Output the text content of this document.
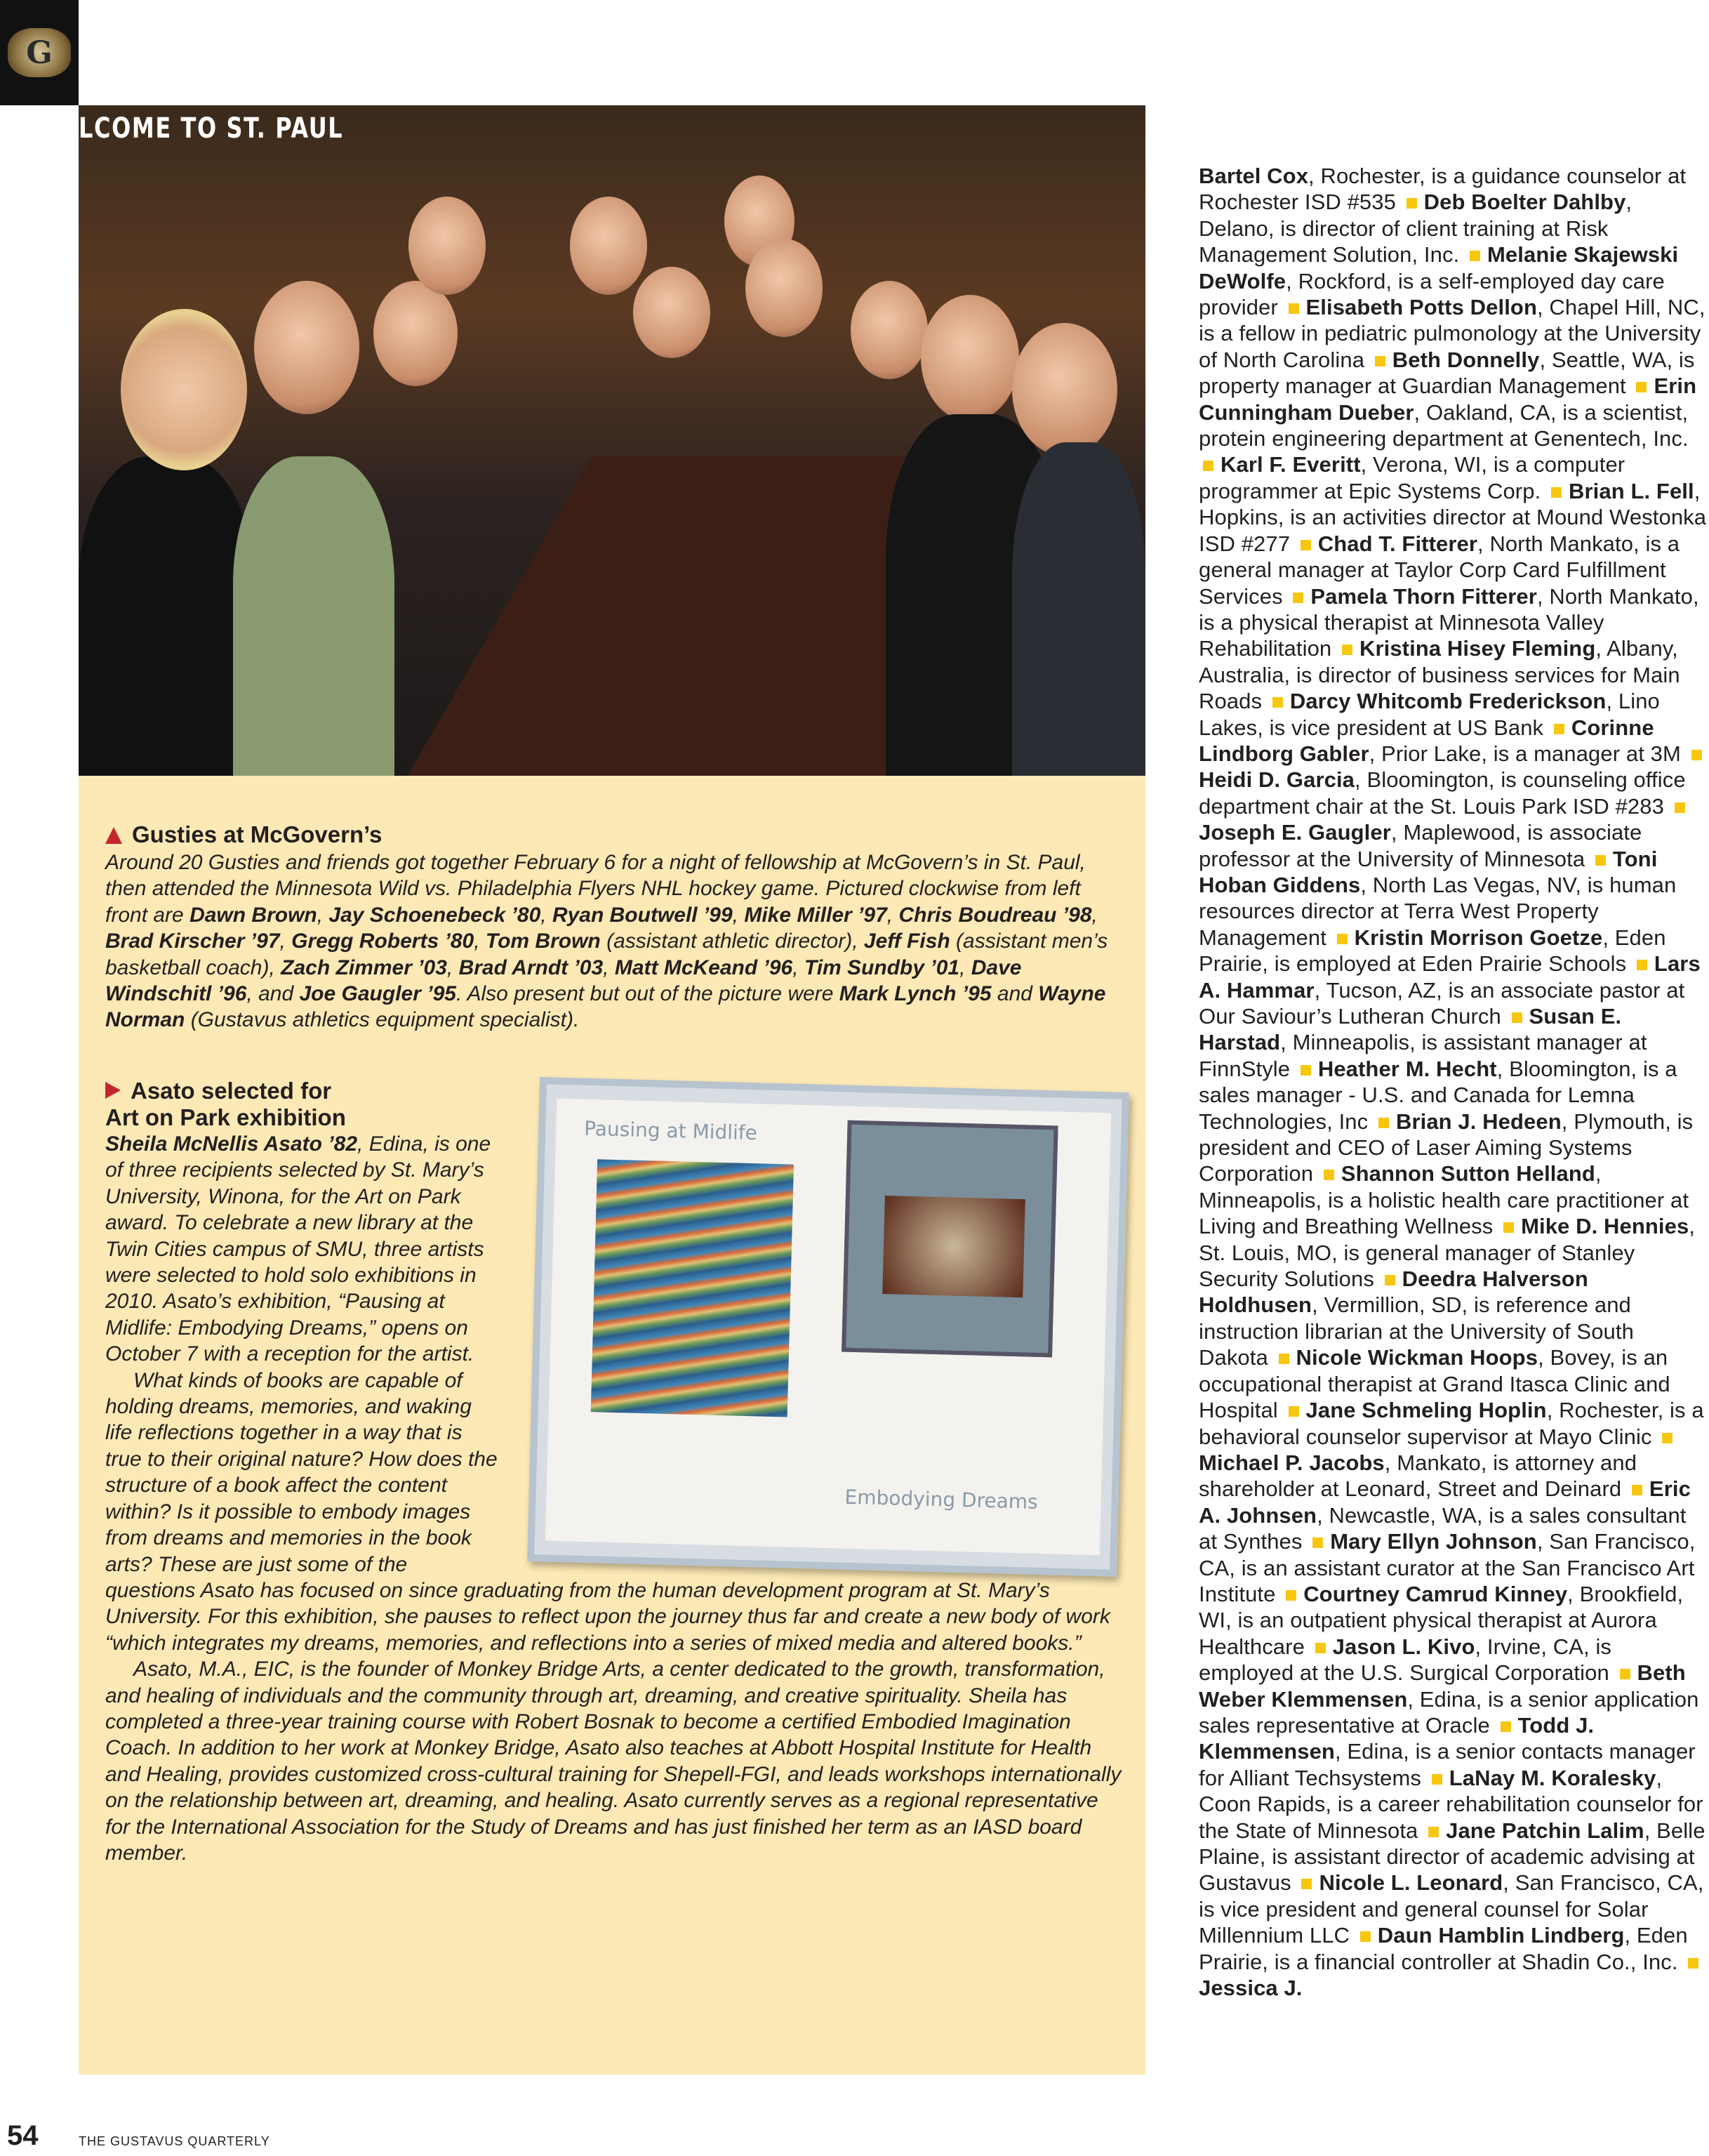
G
LCOME TO ST. PAUL
Gusties at McGovern’s

Around 20 Gusties and friends got together February 6 for a night of fellowship at McGovern’s in St. Paul, then attended the Minnesota Wild vs. Philadelphia Flyers NHL hockey game. Pictured clockwise from left front are Dawn Brown, Jay Schoenebeck ’80, Ryan Boutwell ’99, Mike Miller ’97, Chris Boudreau ’98, Brad Kirscher ’97, Gregg Roberts ’80, Tom Brown (assistant athletic director), Jeff Fish (assistant men’s basketball coach), Zach Zimmer ’03, Brad Arndt ’03, Matt McKeand ’96, Tim Sundby ’01, Dave Windschitl ’96, and Joe Gaugler ’95. Also present but out of the picture were Mark Lynch ’95 and Wayne Norman (Gustavus athletics equipment specialist).

Pausing at Midlife
Embodying Dreams
Asato selected for
Art on Park exhibition

Sheila McNellis Asato ’82, Edina, is one of three recipients selected by St. Mary’s University, Winona, for the Art on Park award. To celebrate a new library at the Twin Cities campus of SMU, three artists were selected to hold solo exhibitions in 2010. Asato’s exhibition, “Pausing at Midlife: Embodying Dreams,” opens on October 7 with a reception for the artist.

What kinds of books are capable of holding dreams, memories, and waking life reflections together in a way that is true to their original nature? How does the structure of a book affect the content within? Is it possible to embody images from dreams and memories in the book arts? These are just some of the questions Asato has focused on since graduating from the human development program at St. Mary’s University. For this exhibition, she pauses to reflect upon the journey thus far and create a new body of work “which integrates my dreams, memories, and reflections into a series of mixed media and altered books.”

Asato, M.A., EIC, is the founder of Monkey Bridge Arts, a center dedicated to the growth, transformation, and healing of individuals and the community through art, dreaming, and creative spirituality. Sheila has completed a three-year training course with Robert Bosnak to become a certified Embodied Imagination Coach. In addition to her work at Monkey Bridge, Asato also teaches at Abbott Hospital Institute for Health and Healing, provides customized cross-cultural training for Shepell-FGI, and leads workshops internationally on the relationship between art, dreaming, and healing. Asato currently serves as a regional representative for the International Association for the Study of Dreams and has just finished her term as an IASD board member.

Bartel Cox, Rochester, is a guidance counselor at Rochester ISD #535 Deb Boelter Dahlby, Delano, is director of client training at Risk Management Solution, Inc. Melanie Skajewski DeWolfe, Rockford, is a self-employed day care provider Elisabeth Potts Dellon, Chapel Hill, NC, is a fellow in pediatric pulmonology at the University of North Carolina Beth Donnelly, Seattle, WA, is property manager at Guardian Management Erin Cunningham Dueber, Oakland, CA, is a scientist, protein engineering department at Genentech, Inc. Karl F. Everitt, Verona, WI, is a computer programmer at Epic Systems Corp. Brian L. Fell, Hopkins, is an activities director at Mound Westonka ISD #277 Chad T. Fitterer, North Mankato, is a general manager at Taylor Corp Card Fulfillment Services Pamela Thorn Fitterer, North Mankato, is a physical therapist at Minnesota Valley Rehabilitation Kristina Hisey Fleming, Albany, Australia, is director of business services for Main Roads Darcy Whitcomb Frederickson, Lino Lakes, is vice president at US Bank Corinne Lindborg Gabler, Prior Lake, is a manager at 3M Heidi D. Garcia, Bloomington, is counseling office department chair at the St. Louis Park ISD #283 Joseph E. Gaugler, Maplewood, is associate professor at the University of Minnesota Toni Hoban Giddens, North Las Vegas, NV, is human resources director at Terra West Property Management Kristin Morrison Goetze, Eden Prairie, is employed at Eden Prairie Schools Lars A. Hammar, Tucson, AZ, is an associate pastor at Our Saviour’s Lutheran Church Susan E. Harstad, Minneapolis, is assistant manager at FinnStyle Heather M. Hecht, Bloomington, is a sales manager - U.S. and Canada for Lemna Technologies, Inc Brian J. Hedeen, Plymouth, is president and CEO of Laser Aiming Systems Corporation Shannon Sutton Helland, Minneapolis, is a holistic health care practitioner at Living and Breathing Wellness Mike D. Hennies, St. Louis, MO, is general manager of Stanley Security Solutions Deedra Halverson Holdhusen, Vermillion, SD, is reference and instruction librarian at the University of South Dakota Nicole Wickman Hoops, Bovey, is an occupational therapist at Grand Itasca Clinic and Hospital Jane Schmeling Hoplin, Rochester, is a behavioral counselor supervisor at Mayo Clinic Michael P. Jacobs, Mankato, is attorney and shareholder at Leonard, Street and Deinard Eric A. Johnsen, Newcastle, WA, is a sales consultant at Synthes Mary Ellyn Johnson, San Francisco, CA, is an assistant curator at the San Francisco Art Institute Courtney Camrud Kinney, Brookfield, WI, is an outpatient physical therapist at Aurora Healthcare Jason L. Kivo, Irvine, CA, is employed at the U.S. Surgical Corporation Beth Weber Klemmensen, Edina, is a senior application sales representative at Oracle Todd J. Klemmensen, Edina, is a senior contacts manager for Alliant Techsystems LaNay M. Koralesky, Coon Rapids, is a career rehabilitation counselor for the State of Minnesota Jane Patchin Lalim, Belle Plaine, is assistant director of academic advising at Gustavus Nicole L. Leonard, San Francisco, CA, is vice president and general counsel for Solar Millennium LLC Daun Hamblin Lindberg, Eden Prairie, is a financial controller at Shadin Co., Inc. Jessica J.
54	THE GUSTAVUS QUARTERLY
